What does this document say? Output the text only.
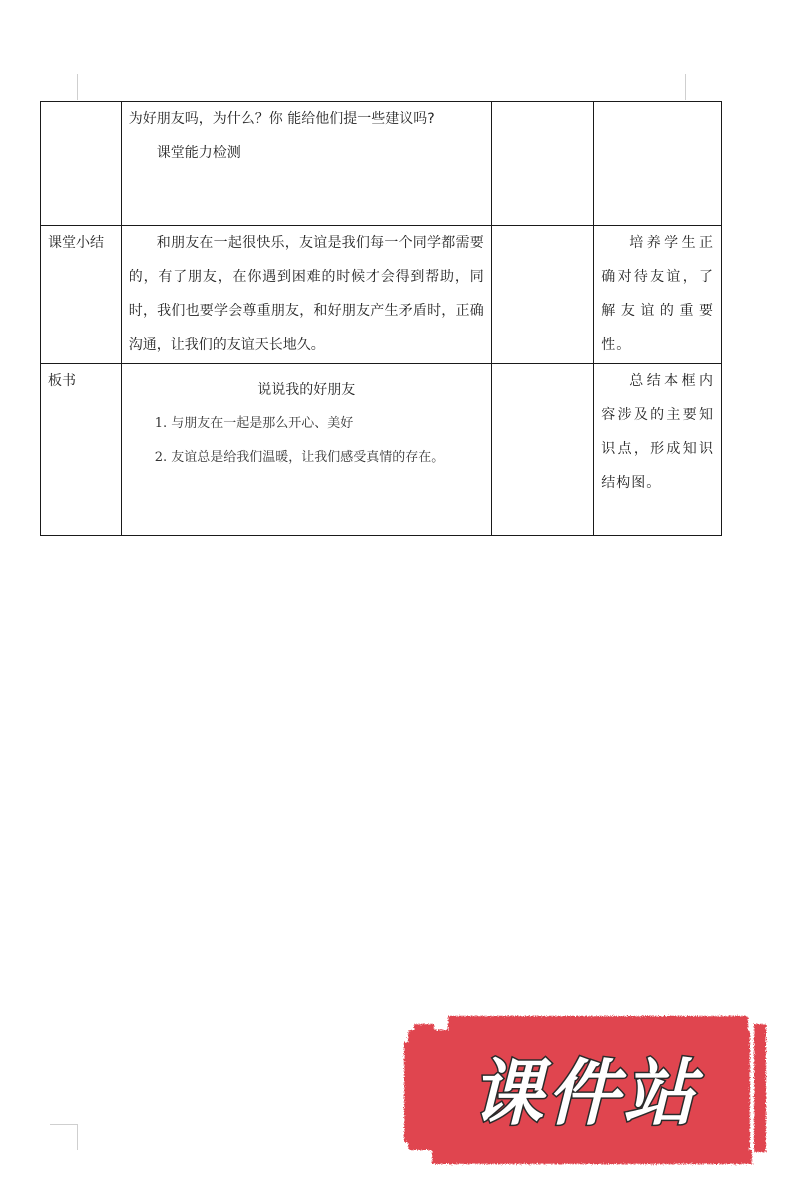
	为好朋友吗，为什么？你 能给他们提一些建议吗?

课堂能力检测		

课堂小结	和朋友在一起很快乐，友谊是我们每一个同学都需要的，有了朋友，在你遇到困难的时候才会得到帮助，同时，我们也要学会尊重朋友，和好朋友产生矛盾时，正确沟通，让我们的友谊天长地久。		培养学生正确对待友谊，了解友谊的重要性。

板书	说说我的好朋友

1. 与朋友在一起是那么开心、美好

2. 友谊总是给我们温暖，让我们感受真情的存在。		总结本框内容涉及的主要知识点，形成知识结构图。

课件站
